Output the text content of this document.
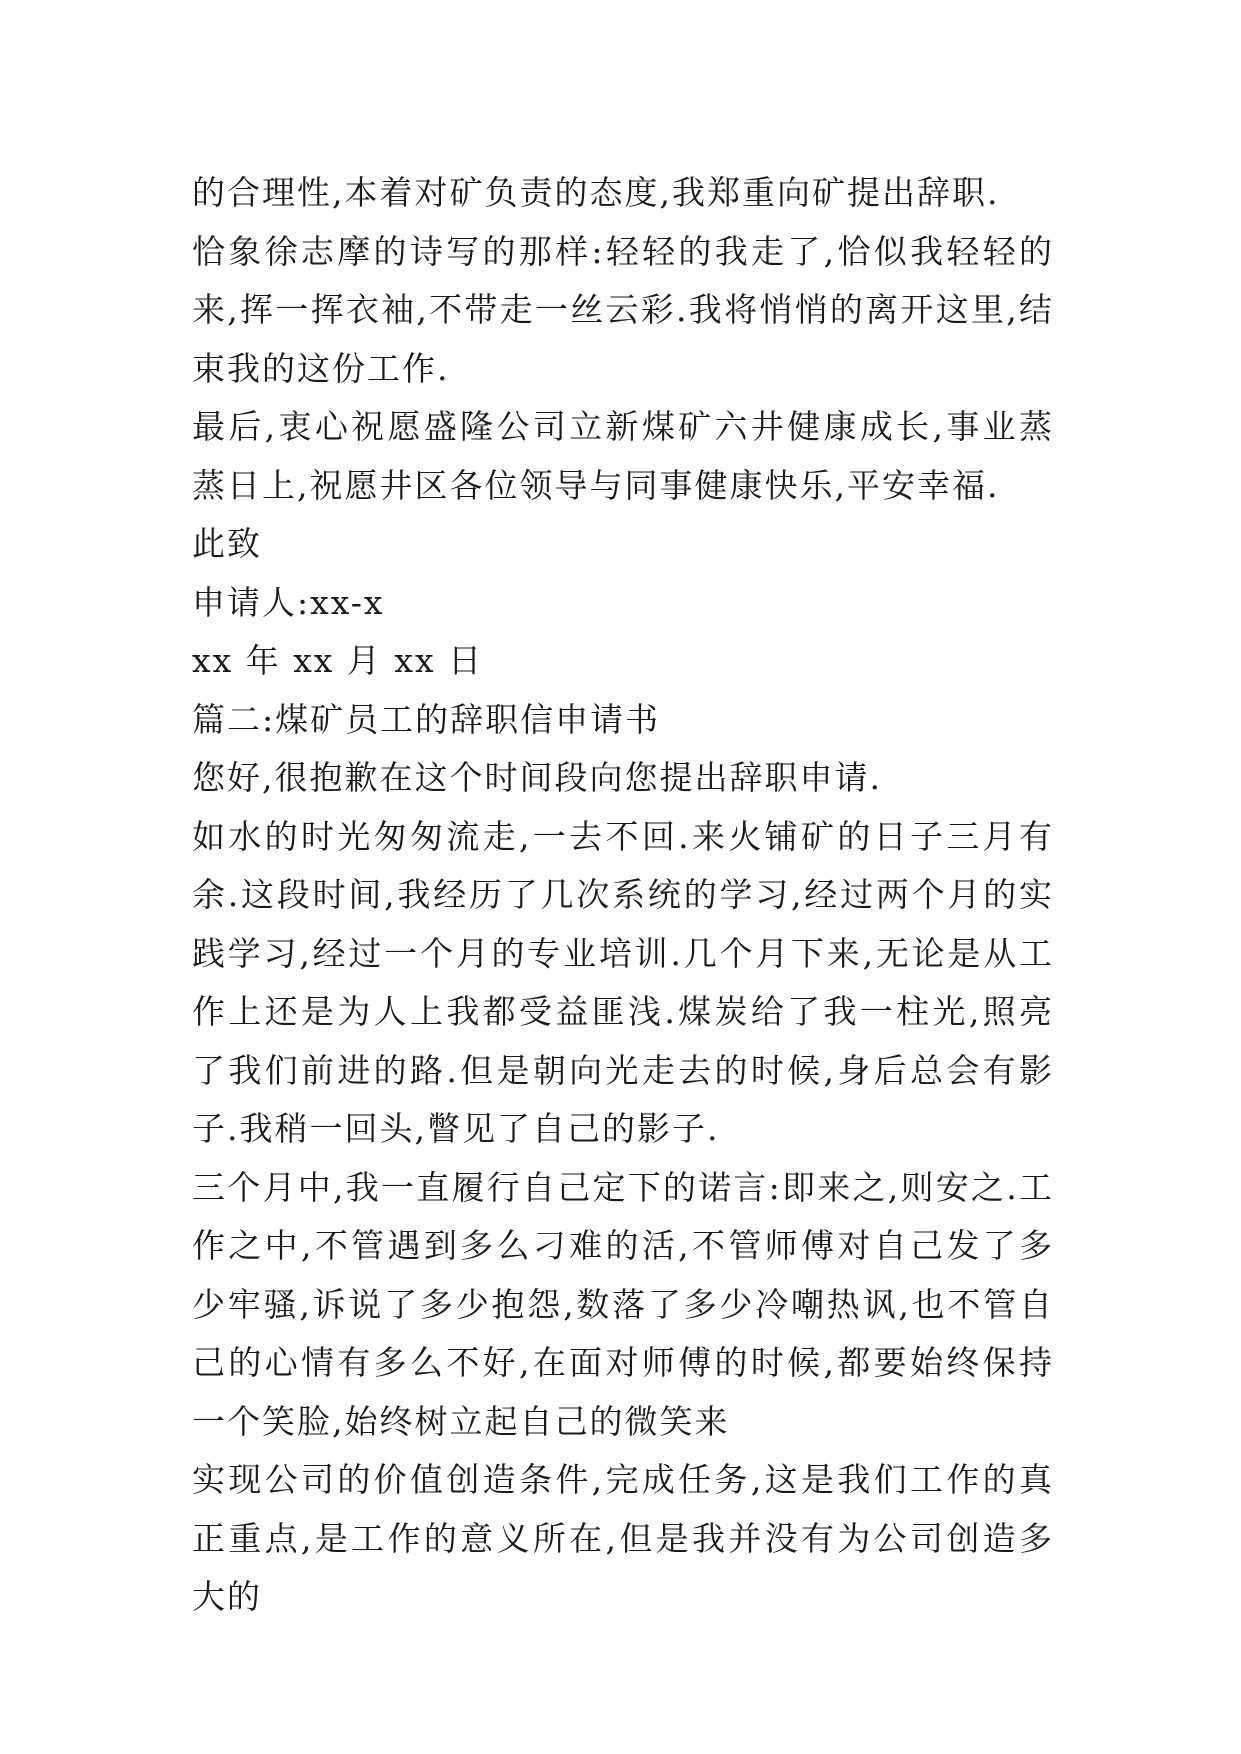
的合理性,本着对矿负责的态度,我郑重向矿提出辞职.

恰象徐志摩的诗写的那样:轻轻的我走了,恰似我轻轻的来,挥一挥衣袖,不带走一丝云彩.我将悄悄的离开这里,结束我的这份工作.

最后,衷心祝愿盛隆公司立新煤矿六井健康成长,事业蒸蒸日上,祝愿井区各位领导与同事健康快乐,平安幸福.

此致

申请人:xx-x

xx 年 xx 月 xx 日

篇二:煤矿员工的辞职信申请书

您好,很抱歉在这个时间段向您提出辞职申请.

如水的时光匆匆流走,一去不回.来火铺矿的日子三月有余.这段时间,我经历了几次系统的学习,经过两个月的实践学习,经过一个月的专业培训.几个月下来,无论是从工作上还是为人上我都受益匪浅.煤炭给了我一柱光,照亮了我们前进的路.但是朝向光走去的时候,身后总会有影子.我稍一回头,瞥见了自己的影子.

三个月中,我一直履行自己定下的诺言:即来之,则安之.工作之中,不管遇到多么刁难的活,不管师傅对自己发了多少牢骚,诉说了多少抱怨,数落了多少冷嘲热讽,也不管自己的心情有多么不好,在面对师傅的时候,都要始终保持一个笑脸,始终树立起自己的微笑来

实现公司的价值创造条件,完成任务,这是我们工作的真正重点,是工作的意义所在,但是我并没有为公司创造多大的
